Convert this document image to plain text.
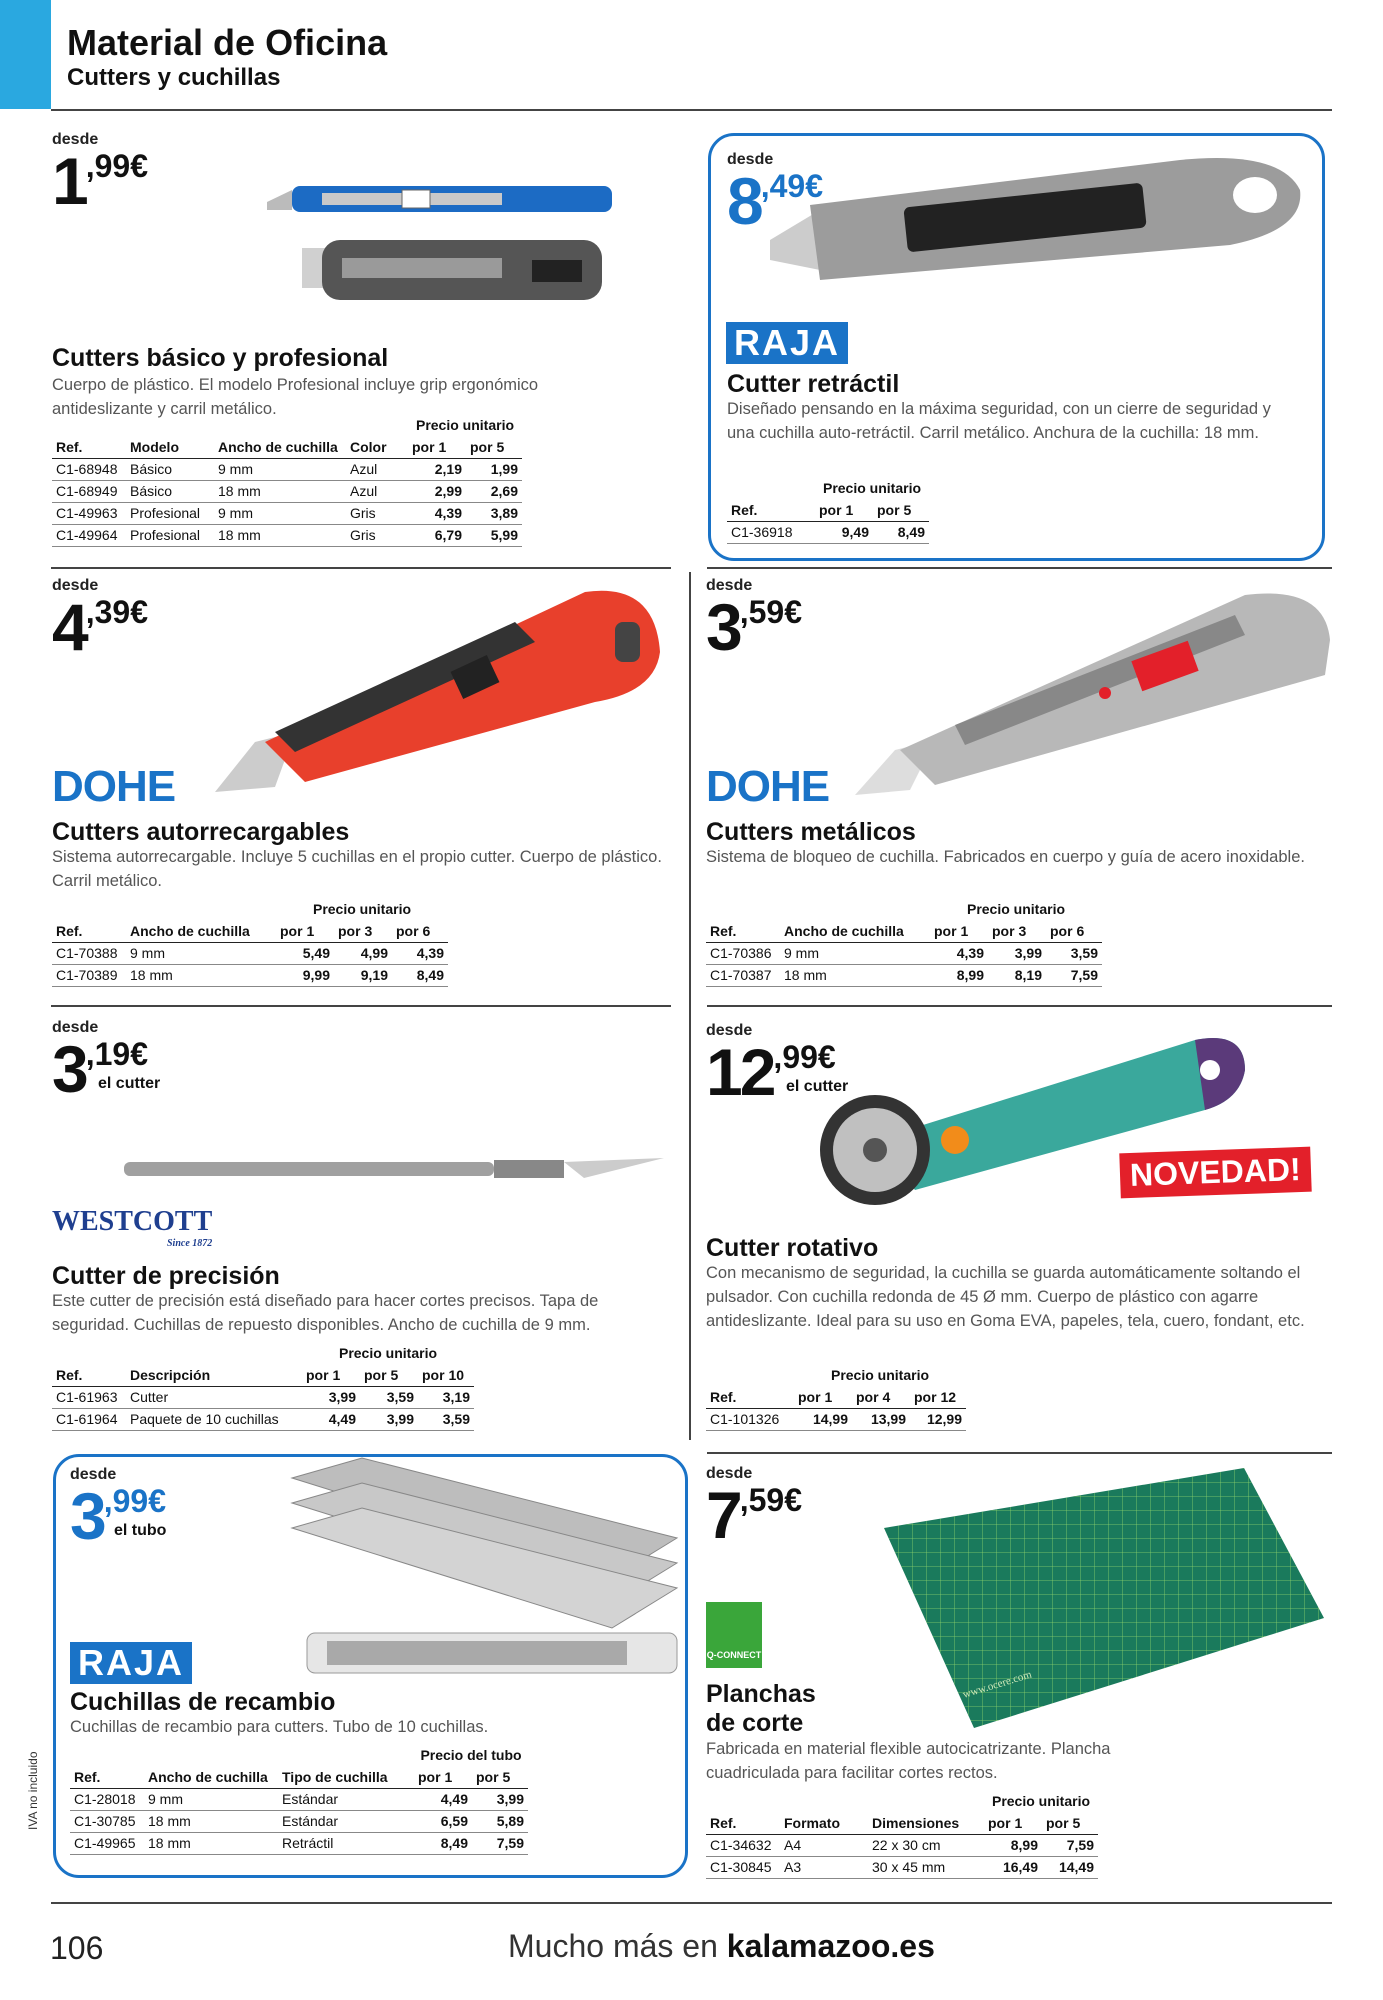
Material de Oficina
Cutters y cuchillas
desde
1,99€
Cutters básico y profesional
Cuerpo de plástico. El modelo Profesional incluye grip ergonómico antideslizante y carril metálico.
				Precio unitario	
Ref.	Modelo	Ancho de cuchilla	Color	por 1	por 5
C1-68948	Básico	9 mm	Azul	2,19	1,99
C1-68949	Básico	18 mm	Azul	2,99	2,69
C1-49963	Profesional	9 mm	Gris	4,39	3,89
C1-49964	Profesional	18 mm	Gris	6,79	5,99
desde
8,49€
RAJA
Cutter retráctil
Diseñado pensando en la máxima seguridad, con un cierre de seguridad y una cuchilla auto-retráctil. Carril metálico. Anchura de la cuchilla: 18 mm.
	Precio unitario	
Ref.	por 1	por 5
C1-36918	9,49	8,49
desde
4,39€
DOHE
Cutters autorrecargables
Sistema autorrecargable. Incluye 5 cuchillas en el propio cutter. Cuerpo de plástico. Carril metálico.
		Precio unitario		
Ref.	Ancho de cuchilla	por 1	por 3	por 6
C1-70388	9 mm	5,49	4,99	4,39
C1-70389	18 mm	9,99	9,19	8,49
desde
3,59€
DOHE
Cutters metálicos
Sistema de bloqueo de cuchilla. Fabricados en cuerpo y guía de acero inoxidable.
		Precio unitario		
Ref.	Ancho de cuchilla	por 1	por 3	por 6
C1-70386	9 mm	4,39	3,99	3,59
C1-70387	18 mm	8,99	8,19	7,59
desde
3,19€
el cutter
WESTCOTT
Since 1872
Cutter de precisión
Este cutter de precisión está diseñado para hacer cortes precisos. Tapa de seguridad. Cuchillas de repuesto disponibles. Ancho de cuchilla de 9 mm.
		Precio unitario		
Ref.	Descripción	por 1	por 5	por 10
C1-61963	Cutter	3,99	3,59	3,19
C1-61964	Paquete de 10 cuchillas	4,49	3,99	3,59
desde
12,99€
el cutter
NOVEDAD!
Cutter rotativo
Con mecanismo de seguridad, la cuchilla se guarda automáticamente soltando el pulsador. Con cuchilla redonda de 45 Ø mm. Cuerpo de plástico con agarre antideslizante. Ideal para su uso en Goma EVA, papeles, tela, cuero, fondant, etc.
	Precio unitario		
Ref.	por 1	por 4	por 12
C1-101326	14,99	13,99	12,99
desde
3,99€
el tubo
RAJA
Cuchillas de recambio
Cuchillas de recambio para cutters. Tubo de 10 cuchillas.
			Precio del tubo	
Ref.	Ancho de cuchilla	Tipo de cuchilla	por 1	por 5
C1-28018	9 mm	Estándar	4,49	3,99
C1-30785	18 mm	Estándar	6,59	5,89
C1-49965	18 mm	Retráctil	8,49	7,59
desde
7,59€
www.ocere.com
Q-CONNECT
Planchas
de corte
Fabricada en material flexible autocicatrizante. Plancha cuadriculada para facilitar cortes rectos.
			Precio unitario	
Ref.	Formato	Dimensiones	por 1	por 5
C1-34632	A4	22 x 30 cm	8,99	7,59
C1-30845	A3	30 x 45 mm	16,49	14,49
IVA no incluido
106	Mucho más en kalamazoo.es
